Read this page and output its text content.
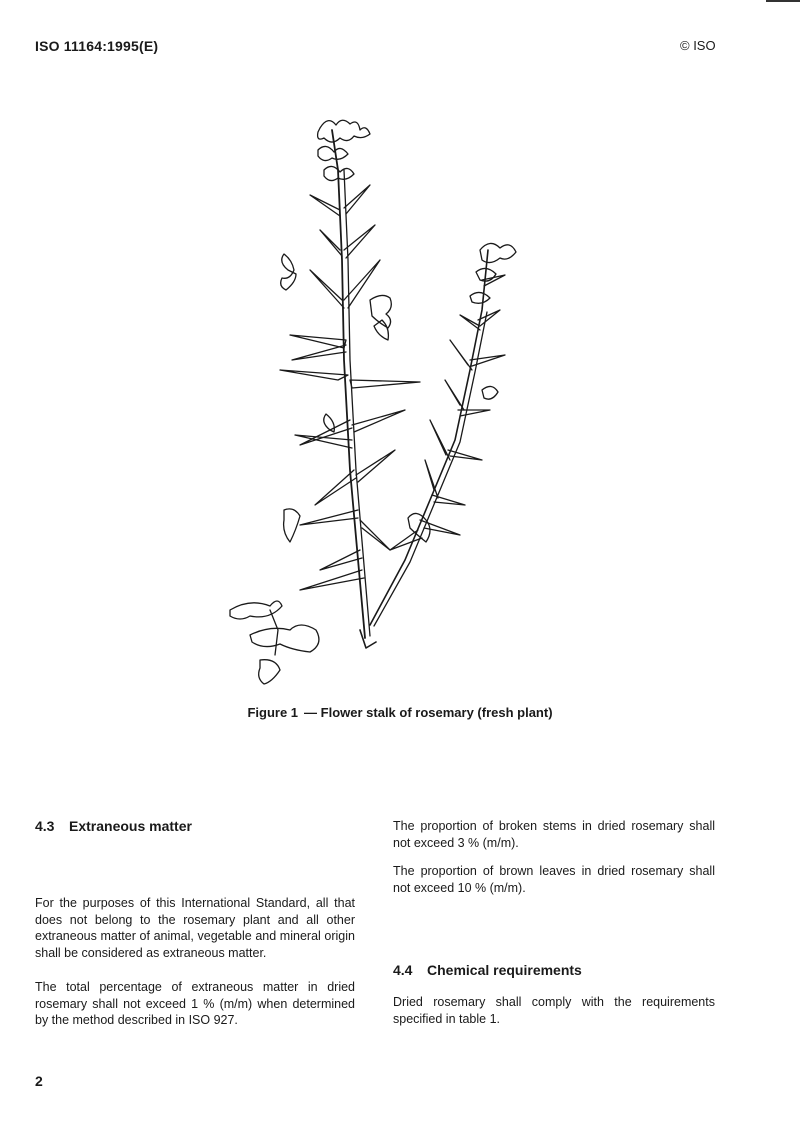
ISO 11164:1995(E)	© ISO
Figure 1 — Flower stalk of rosemary (fresh plant)
4.3 Extraneous matter

For the purposes of this International Standard, all that does not belong to the rosemary plant and all other extraneous matter of animal, vegetable and mineral origin shall be considered as extraneous matter.

The total percentage of extraneous matter in dried rosemary shall not exceed 1 % (m/m) when determined by the method described in ISO 927.

The proportion of broken stems in dried rosemary shall not exceed 3 % (m/m).

The proportion of brown leaves in dried rosemary shall not exceed 10 % (m/m).

4.4 Chemical requirements

Dried rosemary shall comply with the requirements specified in table 1.

2
